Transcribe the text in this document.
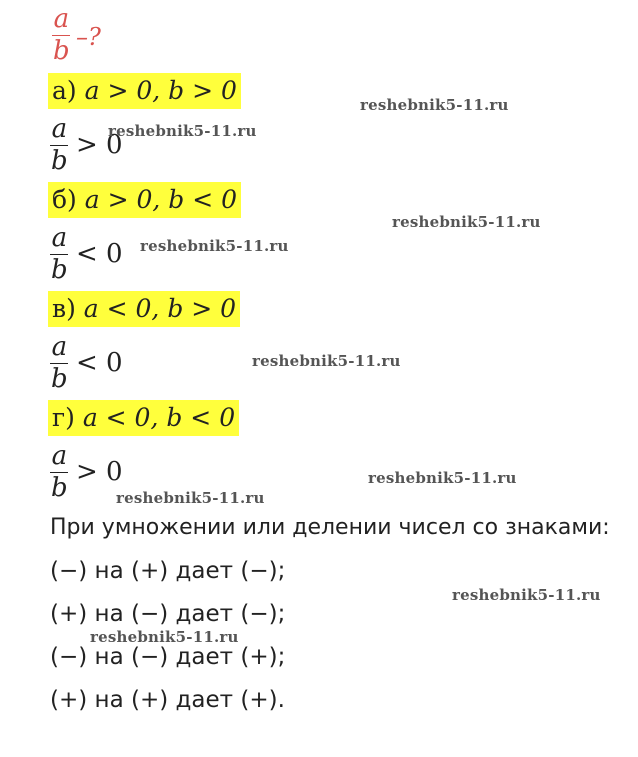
a
b –?
а) a > 0, b > 0
a
b
> 0
б) a > 0, b < 0
a
b
< 0
в) a < 0, b > 0
a
b
< 0
г) a < 0, b < 0
a
b
> 0
При умножении или делении чисел со знаками:
(−) на (+) дает (−);
(+) на (−) дает (−);
(−) на (−) дает (+);
(+) на (+) дает (+).
reshebnik5-11.ru
reshebnik5-11.ru
reshebnik5-11.ru
reshebnik5-11.ru
reshebnik5-11.ru
reshebnik5-11.ru
reshebnik5-11.ru
reshebnik5-11.ru
reshebnik5-11.ru
